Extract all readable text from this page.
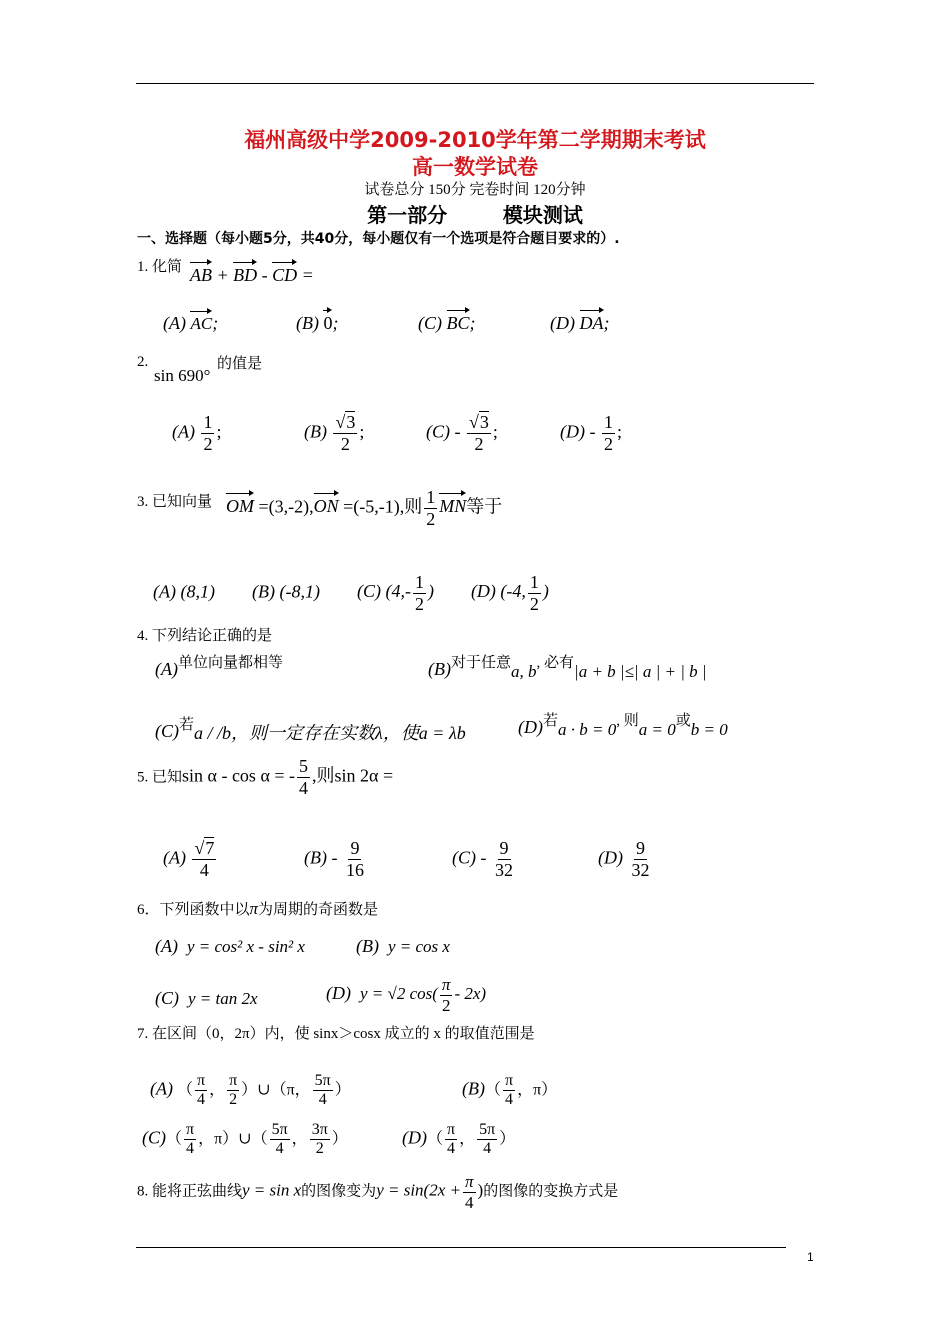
福州高级中学2009-2010学年第二学期期末考试
高一数学试卷
试卷总分 150分 完卷时间 120分钟
第一部分        模块测试
一、选择题（每小题5分，共40分，每小题仅有一个选项是符合题目要求的）.
1. 化简 AB + BD - CD =
(A) AC;	(B) 0;	(C) BC;	(D) DA;
2.
sin 690°
的值是
$(A) \frac{1}{2}$ ;	$(B) \frac{√3}{2}$ ;	$(C) - \frac{√3}{2}$ ;	$(D) - \frac{1}{2}$ ;
3. 已知向量 OM =(3,-2),ON =(-5,-1),则 $\frac{1}{2}$ MN等于
(A) (8,1) (B) (-8,1) (C) ($4,- \frac{1}{2}$ ) (D) (-4, $\frac{1}{2}$ )
4. 下列结论正确的是
(A)单位向量都相等	(B)对于任意a, b, 必有|a + b |≤| a | + | b |
(C)若a / /b，则一定存在实数λ，使a = λb	(D)若a · b = 0, 则a = 0或b = 0
5. 已知sin α - cos α = - $\frac{5}{4}$ ,则sin 2α =
$(A) \frac{√7}{4}$	$(B) - \frac{9}{16}$	$(C) - \frac{9}{32}$	$(D) \frac{9}{32}$
6．下列函数中以π为周期的奇函数是
(A) y = cos² x - sin² x	(B) y = cos x
(C) y = tan 2x	(D) y = √2 $\cos( \frac{\pi}{2} - 2x)$
7. 在区间（0，2π）内，使 sinx＞cosx 成立的 x 的取值范围是
(A) （ $\frac{\pi}{4}$ ， $\frac{\pi}{2}$ ）∪（π， $\frac{5\pi}{4}$ ）	$(B)( \frac{\pi}{4}$ ，π）
$(C)( \frac{\pi}{4}$ ，π）∪（ $\frac{5\pi}{4}$ ， $\frac{3\pi}{2}$ ）	$(D)( \frac{\pi}{4}$ ， $\frac{5\pi}{4}$ ）
8. 能将正弦曲线y = sin x的图像变为$y = \sin(2x + \frac{\pi}{4}$ )的图像的变换方式是
1
